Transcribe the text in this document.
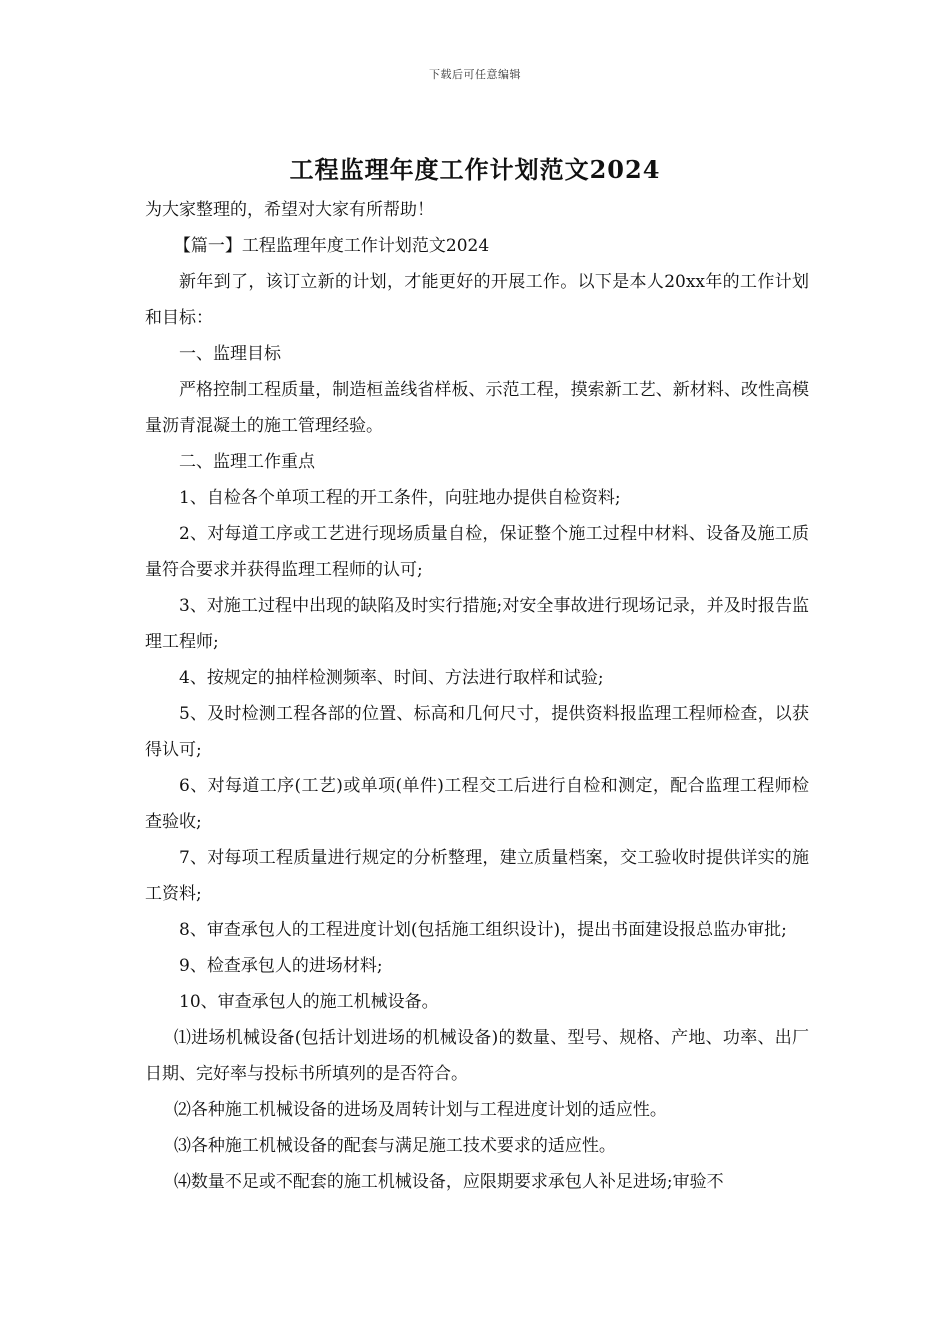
下载后可任意编辑
工程监理年度工作计划范文2024

为大家整理的，希望对大家有所帮助！

【篇一】工程监理年度工作计划范文2024

新年到了，该订立新的计划，才能更好的开展工作。以下是本人20xx年的工作计划和目标：

一、监理目标

严格控制工程质量，制造桓盖线省样板、示范工程，摸索新工艺、新材料、改性高模量沥青混凝土的施工管理经验。

二、监理工作重点

1、自检各个单项工程的开工条件，向驻地办提供自检资料;

2、对每道工序或工艺进行现场质量自检，保证整个施工过程中材料、设备及施工质量符合要求并获得监理工程师的认可;

3、对施工过程中出现的缺陷及时实行措施;对安全事故进行现场记录，并及时报告监理工程师;

4、按规定的抽样检测频率、时间、方法进行取样和试验;

5、及时检测工程各部的位置、标高和几何尺寸，提供资料报监理工程师检查，以获得认可;

6、对每道工序(工艺)或单项(单件)工程交工后进行自检和测定，配合监理工程师检查验收;

7、对每项工程质量进行规定的分析整理，建立质量档案，交工验收时提供详实的施工资料;

8、审查承包人的工程进度计划(包括施工组织设计)，提出书面建设报总监办审批;

9、检查承包人的进场材料;

10、审查承包人的施工机械设备。

⑴进场机械设备(包括计划进场的机械设备)的数量、型号、规格、产地、功率、出厂日期、完好率与投标书所填列的是否符合。

⑵各种施工机械设备的进场及周转计划与工程进度计划的适应性。

⑶各种施工机械设备的配套与满足施工技术要求的适应性。

⑷数量不足或不配套的施工机械设备，应限期要求承包人补足进场;审验不
